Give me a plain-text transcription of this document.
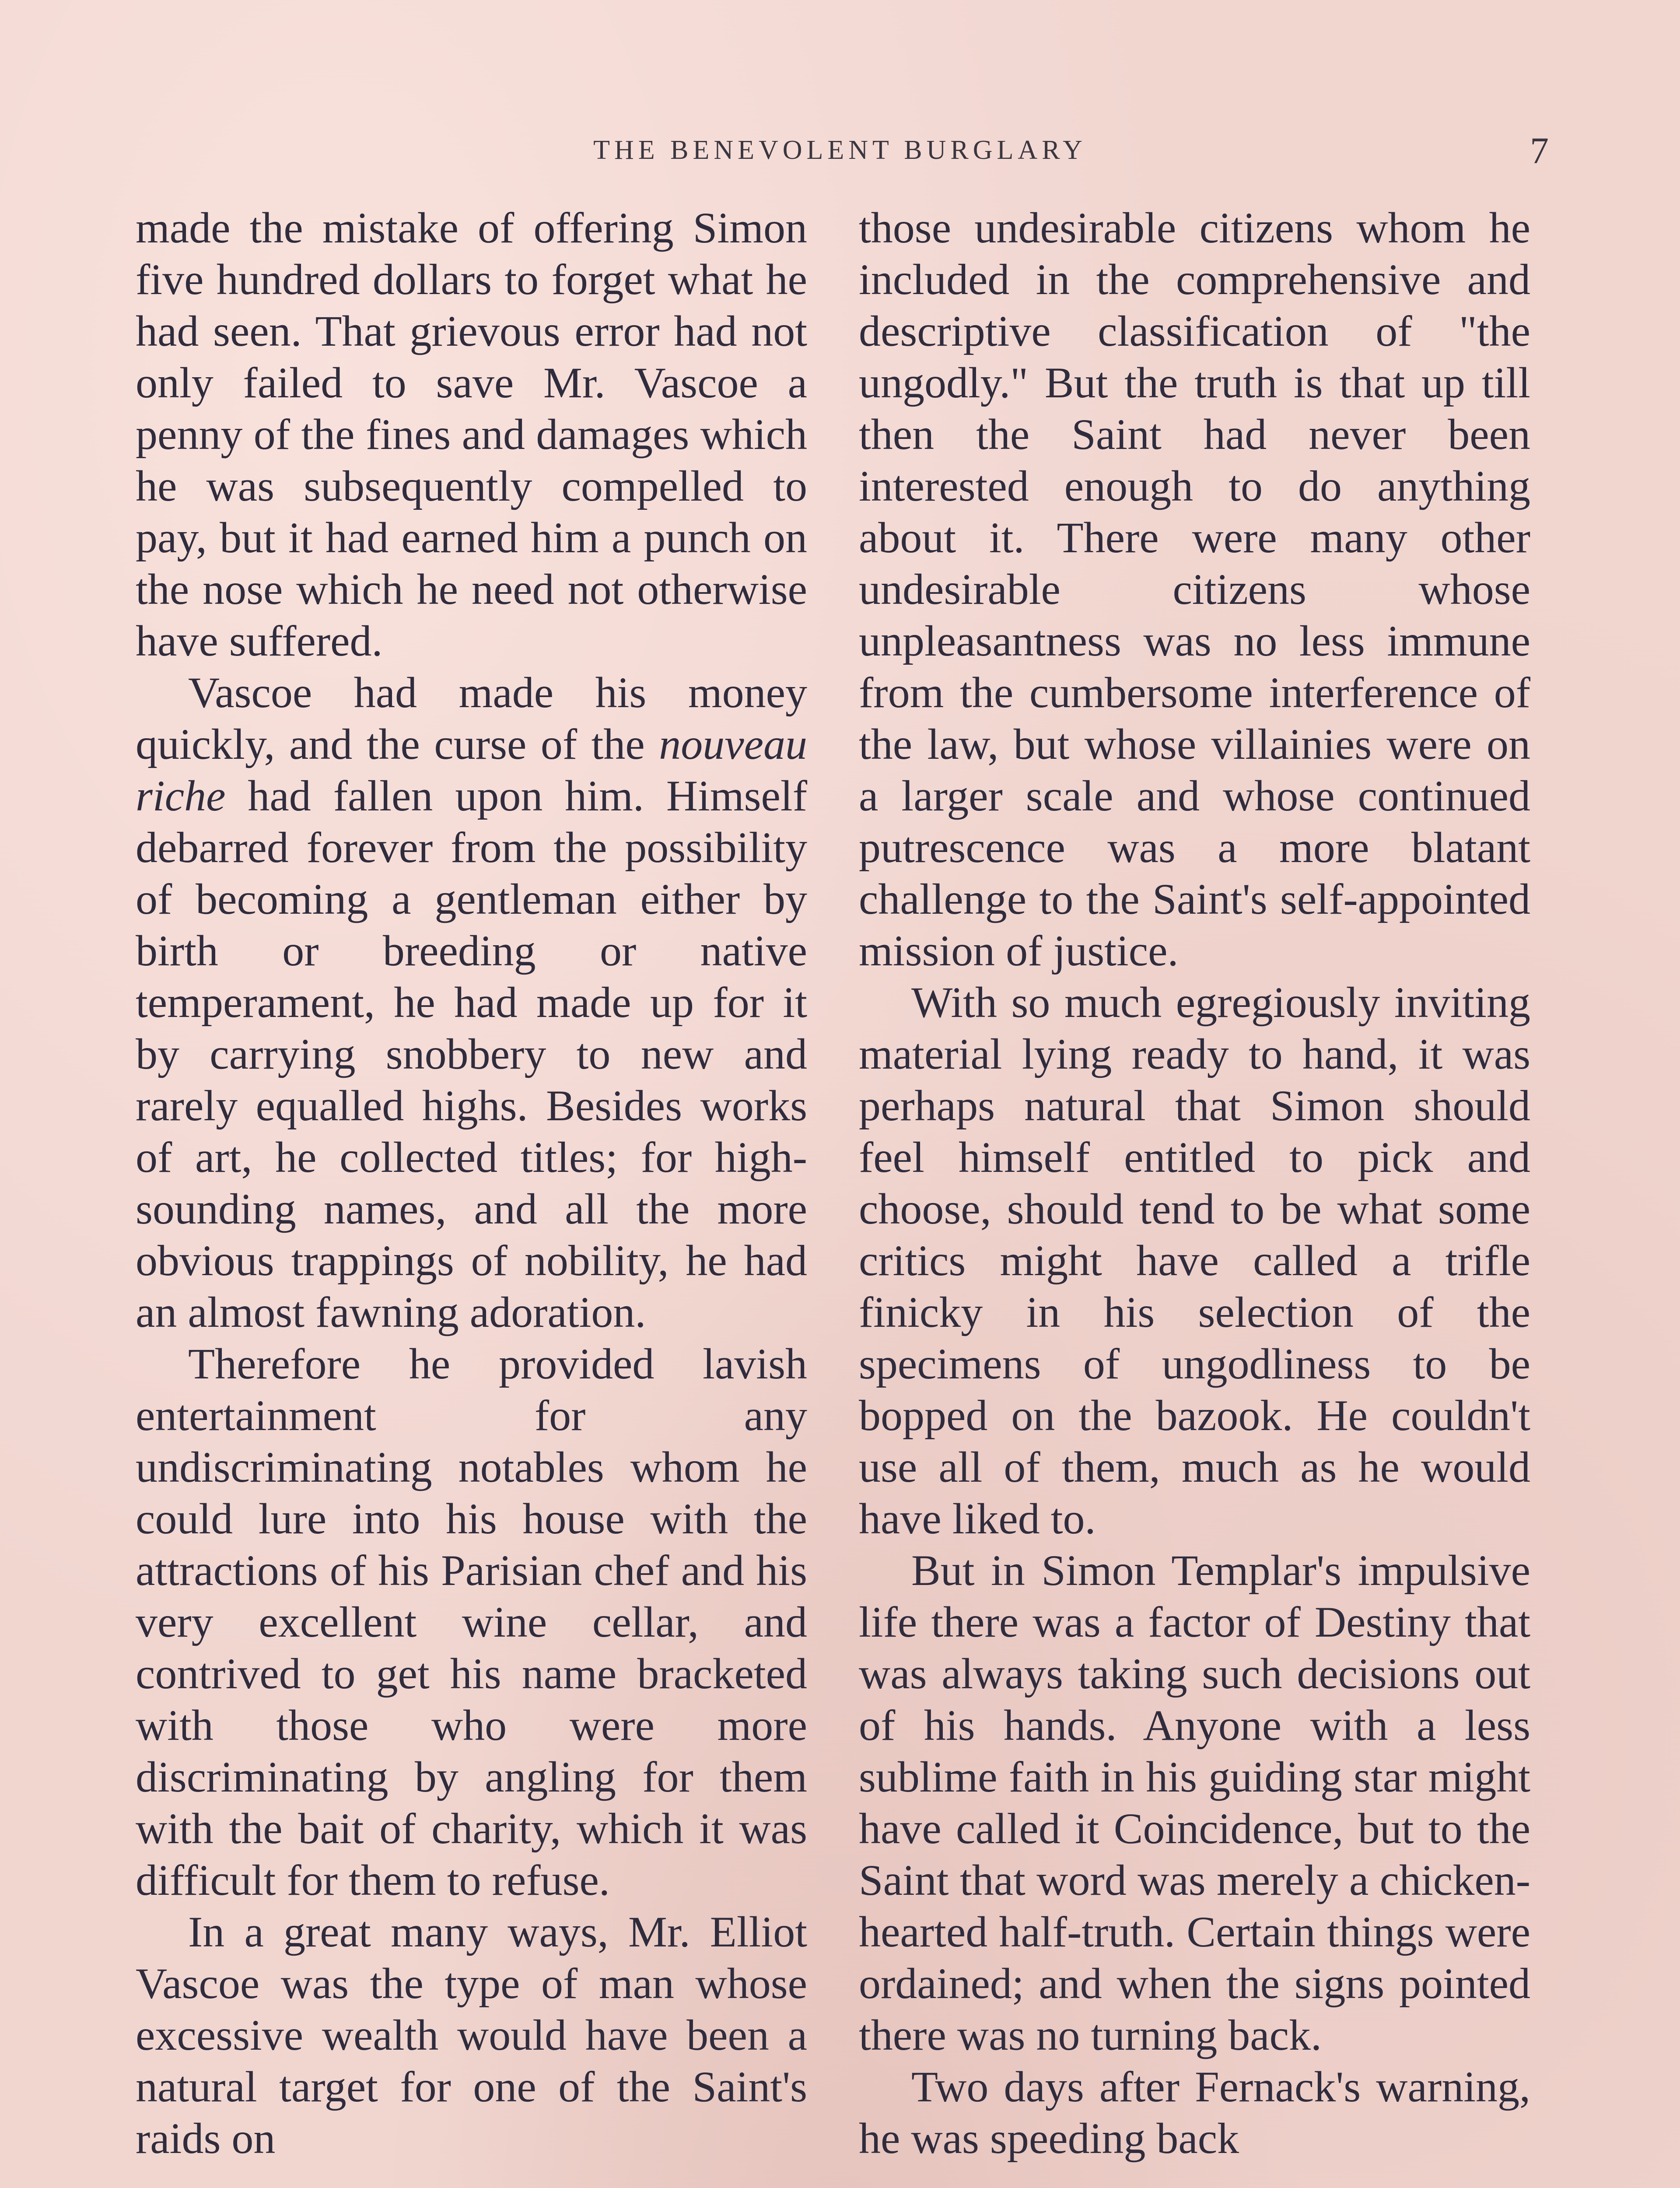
THE BENEVOLENT BURGLARY	7

made the mistake of offering Simon five hundred dollars to forget what he had seen. That grievous error had not only failed to save Mr. Vascoe a penny of the fines and damages which he was subsequently compelled to pay, but it had earned him a punch on the nose which he need not otherwise have suffered.

Vascoe had made his money quickly, and the curse of the nouveau riche had fallen upon him. Himself debarred forever from the possibility of becoming a gentleman either by birth or breeding or native temperament, he had made up for it by carrying snobbery to new and rarely equalled highs. Besides works of art, he collected titles; for high-sounding names, and all the more obvious trappings of nobility, he had an almost fawning adoration.

Therefore he provided lavish entertainment for any undiscriminating notables whom he could lure into his house with the attractions of his Parisian chef and his very excellent wine cellar, and contrived to get his name bracketed with those who were more discriminating by angling for them with the bait of charity, which it was difficult for them to refuse.

In a great many ways, Mr. Elliot Vascoe was the type of man whose excessive wealth would have been a natural target for one of the Saint's raids on

those undesirable citizens whom he included in the comprehensive and descriptive classification of "the ungodly." But the truth is that up till then the Saint had never been interested enough to do anything about it. There were many other undesirable citizens whose unpleasantness was no less immune from the cumbersome interference of the law, but whose villainies were on a larger scale and whose continued putrescence was a more blatant challenge to the Saint's self-appointed mission of justice.

With so much egregiously inviting material lying ready to hand, it was perhaps natural that Simon should feel himself entitled to pick and choose, should tend to be what some critics might have called a trifle finicky in his selection of the specimens of ungodliness to be bopped on the bazook. He couldn't use all of them, much as he would have liked to.

But in Simon Templar's impulsive life there was a factor of Destiny that was always taking such decisions out of his hands. Anyone with a less sublime faith in his guiding star might have called it Coincidence, but to the Saint that word was merely a chicken-hearted half-truth. Certain things were ordained; and when the signs pointed there was no turning back.

Two days after Fernack's warning, he was speeding back
